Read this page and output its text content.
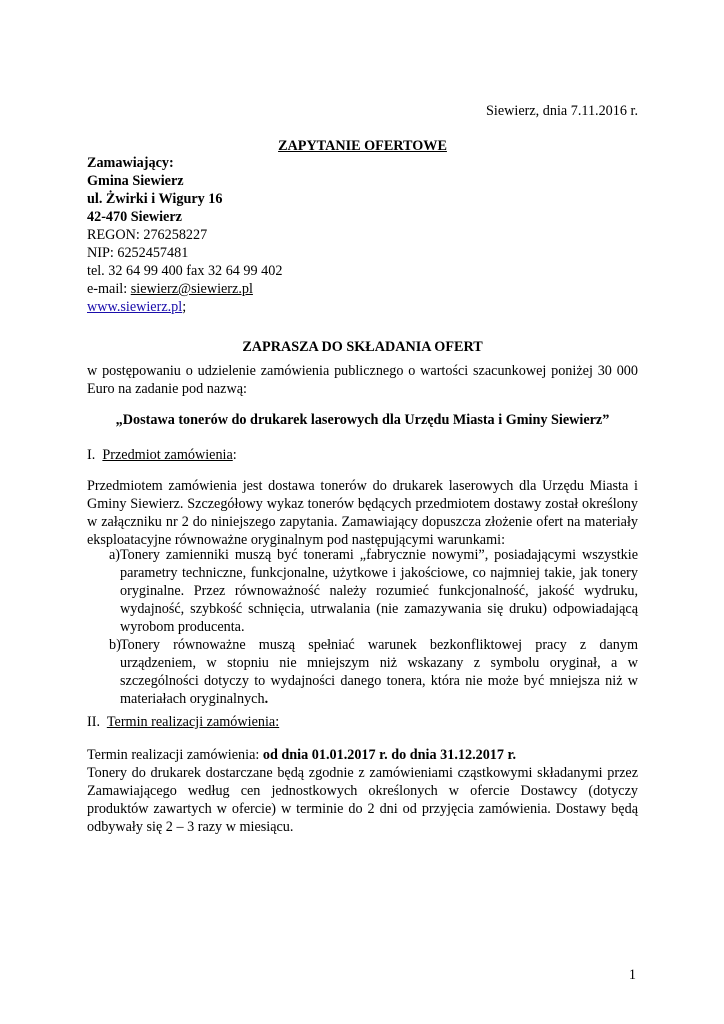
Siewierz, dnia 7.11.2016 r.
ZAPYTANIE OFERTOWE
Zamawiający:
Gmina Siewierz
ul. Żwirki i Wigury 16
42-470 Siewierz
REGON: 276258227
NIP: 6252457481
tel. 32 64 99 400 fax 32 64 99 402
e-mail: siewierz@siewierz.pl
www.siewierz.pl;
ZAPRASZA DO SKŁADANIA OFERT
w postępowaniu o udzielenie zamówienia publicznego o wartości szacunkowej poniżej 30 000 Euro na zadanie pod nazwą:
„Dostawa tonerów do drukarek laserowych dla Urzędu Miasta i Gminy Siewierz”
I. Przedmiot zamówienia:
Przedmiotem zamówienia jest dostawa tonerów do drukarek laserowych dla Urzędu Miasta i Gminy Siewierz. Szczegółowy wykaz tonerów będących przedmiotem dostawy został określony w załączniku nr 2 do niniejszego zapytania. Zamawiający dopuszcza złożenie ofert na materiały eksploatacyjne równoważne oryginalnym pod następującymi warunkami:
a) Tonery zamienniki muszą być tonerami „fabrycznie nowymi”, posiadającymi wszystkie parametry techniczne, funkcjonalne, użytkowe i jakościowe, co najmniej takie, jak tonery oryginalne. Przez równoważność należy rozumieć funkcjonalność, jakość wydruku, wydajność, szybkość schnięcia, utrwalania (nie zamazywania się druku) odpowiadającą wyrobom producenta.
b) Tonery równoważne muszą spełniać warunek bezkonfliktowej pracy z danym urządzeniem, w stopniu nie mniejszym niż wskazany z symbolu oryginał, a w szczególności dotyczy to wydajności danego tonera, która nie może być mniejsza niż w materiałach oryginalnych.
II. Termin realizacji zamówienia:
Termin realizacji zamówienia: od dnia 01.01.2017 r. do dnia 31.12.2017 r.
Tonery do drukarek dostarczane będą zgodnie z zamówieniami cząstkowymi składanymi przez Zamawiającego według cen jednostkowych określonych w ofercie Dostawcy (dotyczy produktów zawartych w ofercie) w terminie do 2 dni od przyjęcia zamówienia. Dostawy będą odbywały się 2 – 3 razy w miesiącu.
1
